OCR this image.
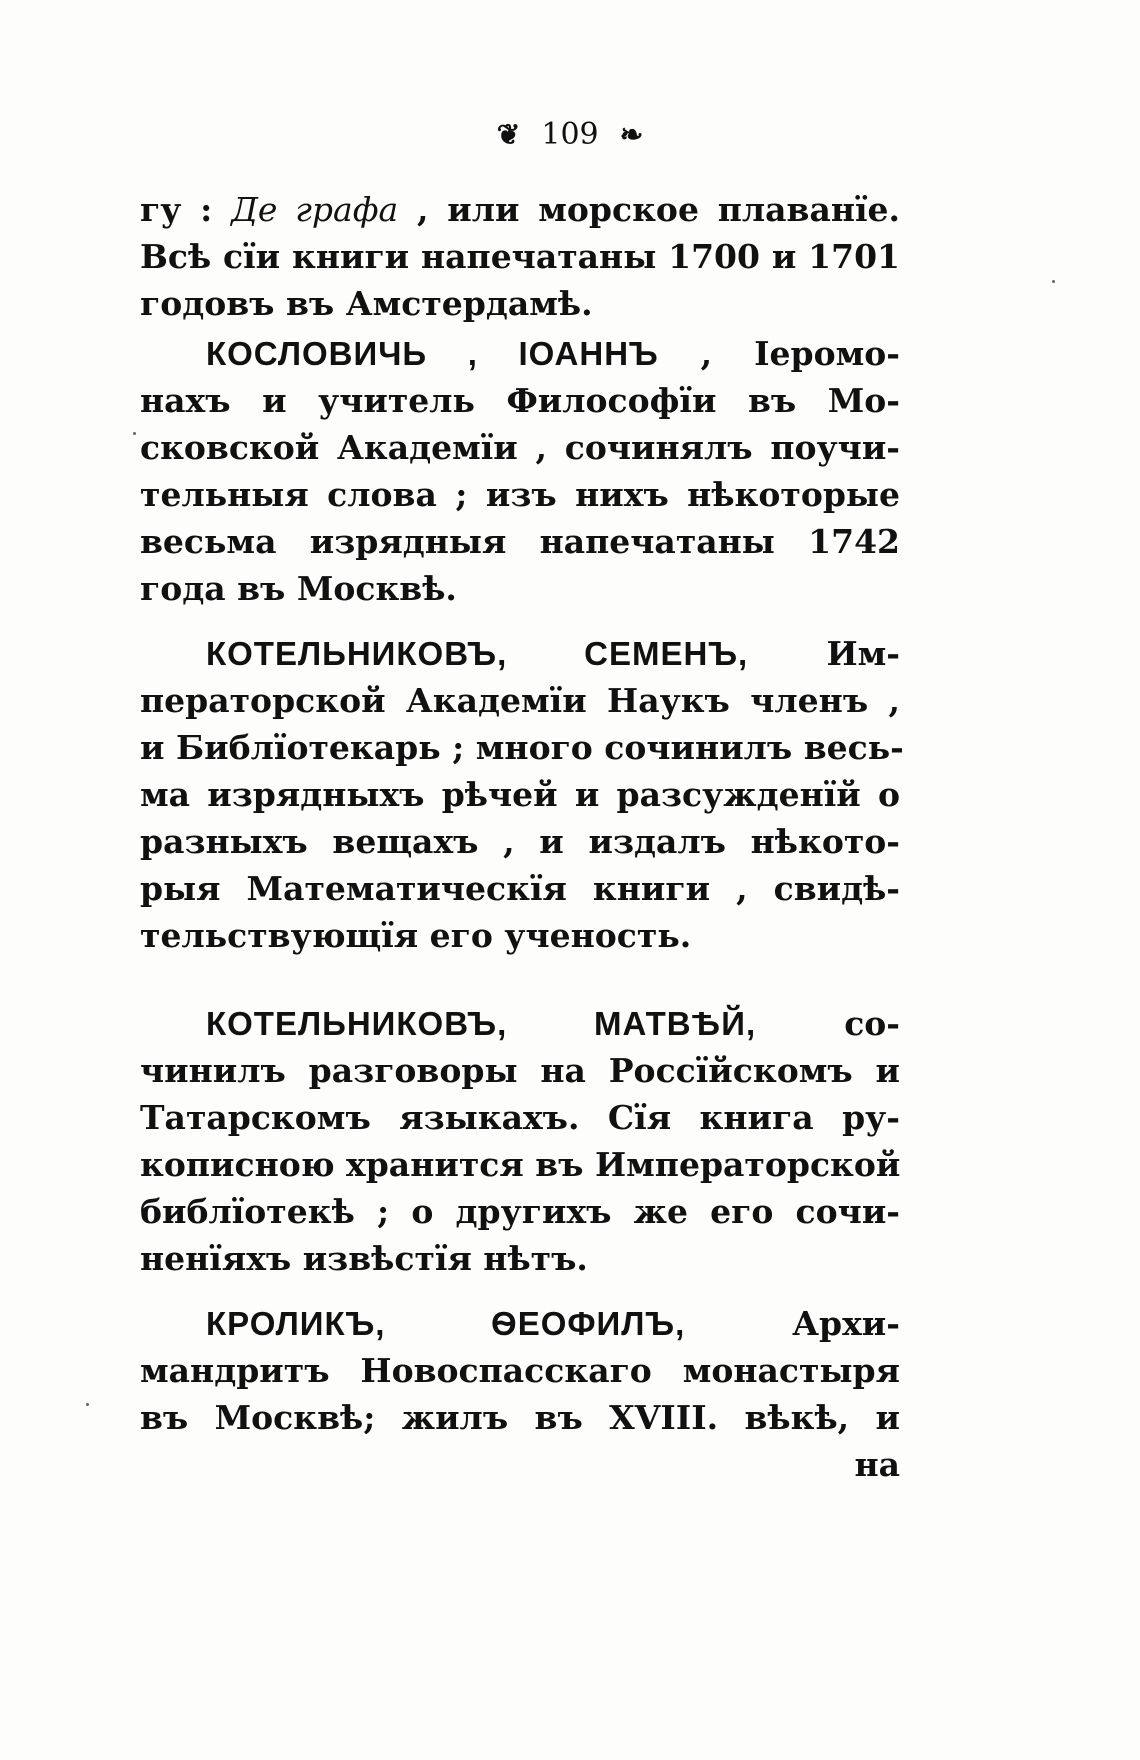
❦ 109 ❧
гу : Де графа , или морское плаванїе.
Всѣ сїи книги напечатаны 1700 и 1701
годовъ въ Амстердамѣ.
КОСЛОВИЧЬ , ІОАННЪ , Іеромо-
нахъ и учитель Философїи въ Мо-
сковской Академїи , сочинялъ поучи-
тельныя слова ; изъ нихъ нѣкоторые
весьма изрядныя напечатаны 1742
года въ Москвѣ.
КОТЕЛЬНИКОВЪ, СЕМЕНЪ, Им-
ператорской Академїи Наукъ членъ ,
и Библїотекарь ; много сочинилъ весь-
ма изрядныхъ рѣчей и разсужденїй о
разныхъ вещахъ , и издалъ нѣкото-
рыя Математическїя книги , свидѣ-
тельствующїя его ученость.
КОТЕЛЬНИКОВЪ, МАТВѢЙ, со-
чинилъ разговоры на Россїйскомъ и
Татарскомъ языкахъ. Сїя книга ру-
кописною хранится въ Императорской
библїотекѣ ; о другихъ же его сочи-
ненїяхъ извѣстїя нѣтъ.
КРОЛИКЪ, ѲЕОФИЛЪ, Архи-
мандритъ Новоспасскаго монастыря
въ Москвѣ; жилъ въ XVIII. вѣкѣ, и
на
